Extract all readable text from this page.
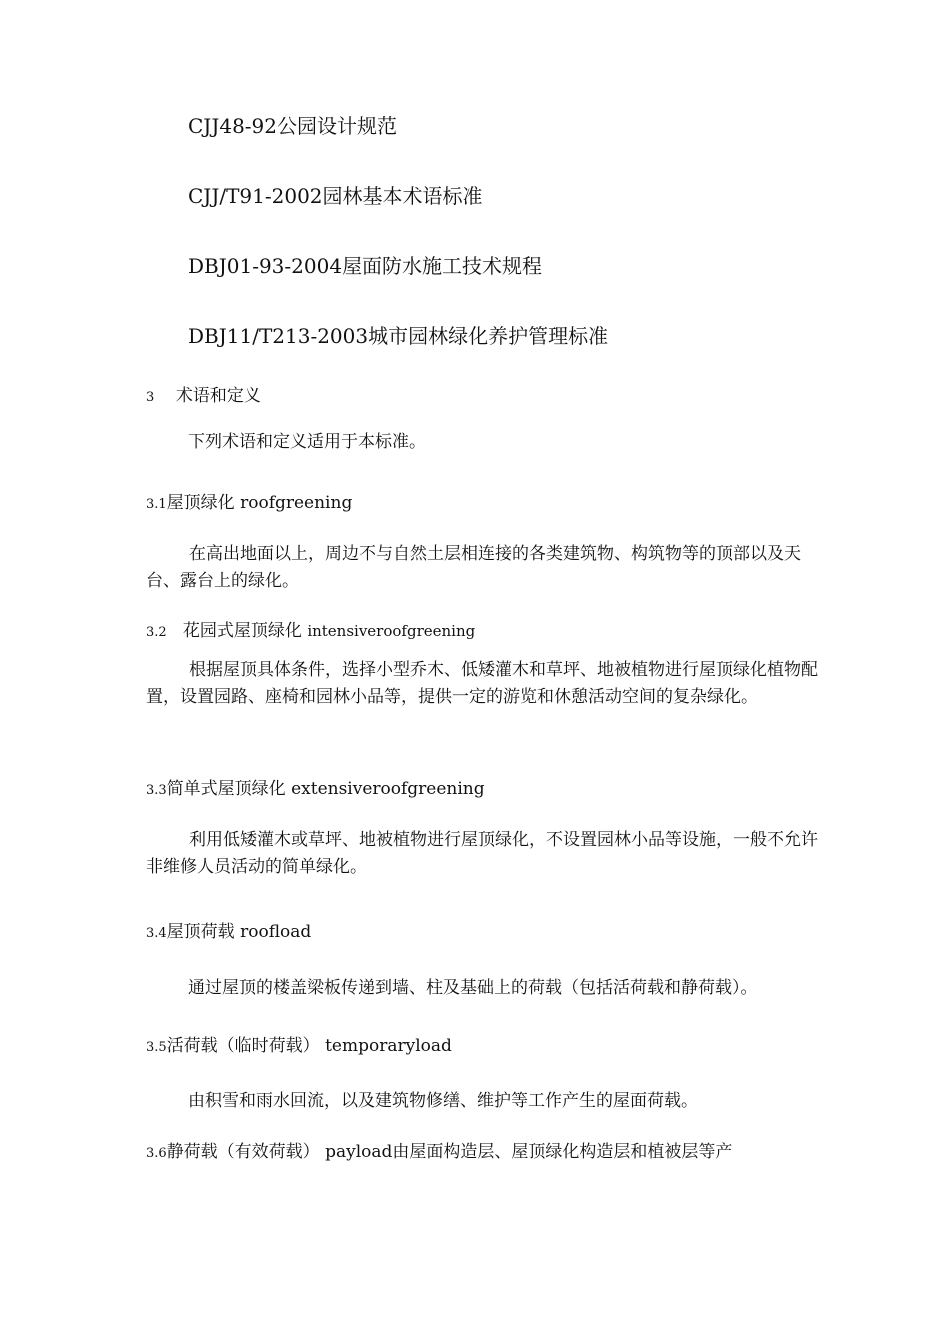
CJJ48-92公园设计规范
CJJ/T91-2002园林基本术语标准
DBJ01-93-2004屋面防水施工技术规程
DBJ11/T213-2003城市园林绿化养护管理标准
3 术语和定义
下列术语和定义适用于本标准。
3.1屋顶绿化 roofgreening
在高出地面以上，周边不与自然土层相连接的各类建筑物、构筑物等的顶部以及天台、露台上的绿化。
3.2 花园式屋顶绿化 intensiveroofgreening
根据屋顶具体条件，选择小型乔木、低矮灌木和草坪、地被植物进行屋顶绿化植物配置，设置园路、座椅和园林小品等，提供一定的游览和休憩活动空间的复杂绿化。
3.3简单式屋顶绿化 extensiveroofgreening
利用低矮灌木或草坪、地被植物进行屋顶绿化，不设置园林小品等设施，一般不允许非维修人员活动的简单绿化。
3.4屋顶荷载 roofload
通过屋顶的楼盖梁板传递到墙、柱及基础上的荷载（包括活荷载和静荷载）。
3.5活荷载（临时荷载） temporaryload
由积雪和雨水回流，以及建筑物修缮、维护等工作产生的屋面荷载。
3.6静荷载（有效荷载） payload由屋面构造层、屋顶绿化构造层和植被层等产
